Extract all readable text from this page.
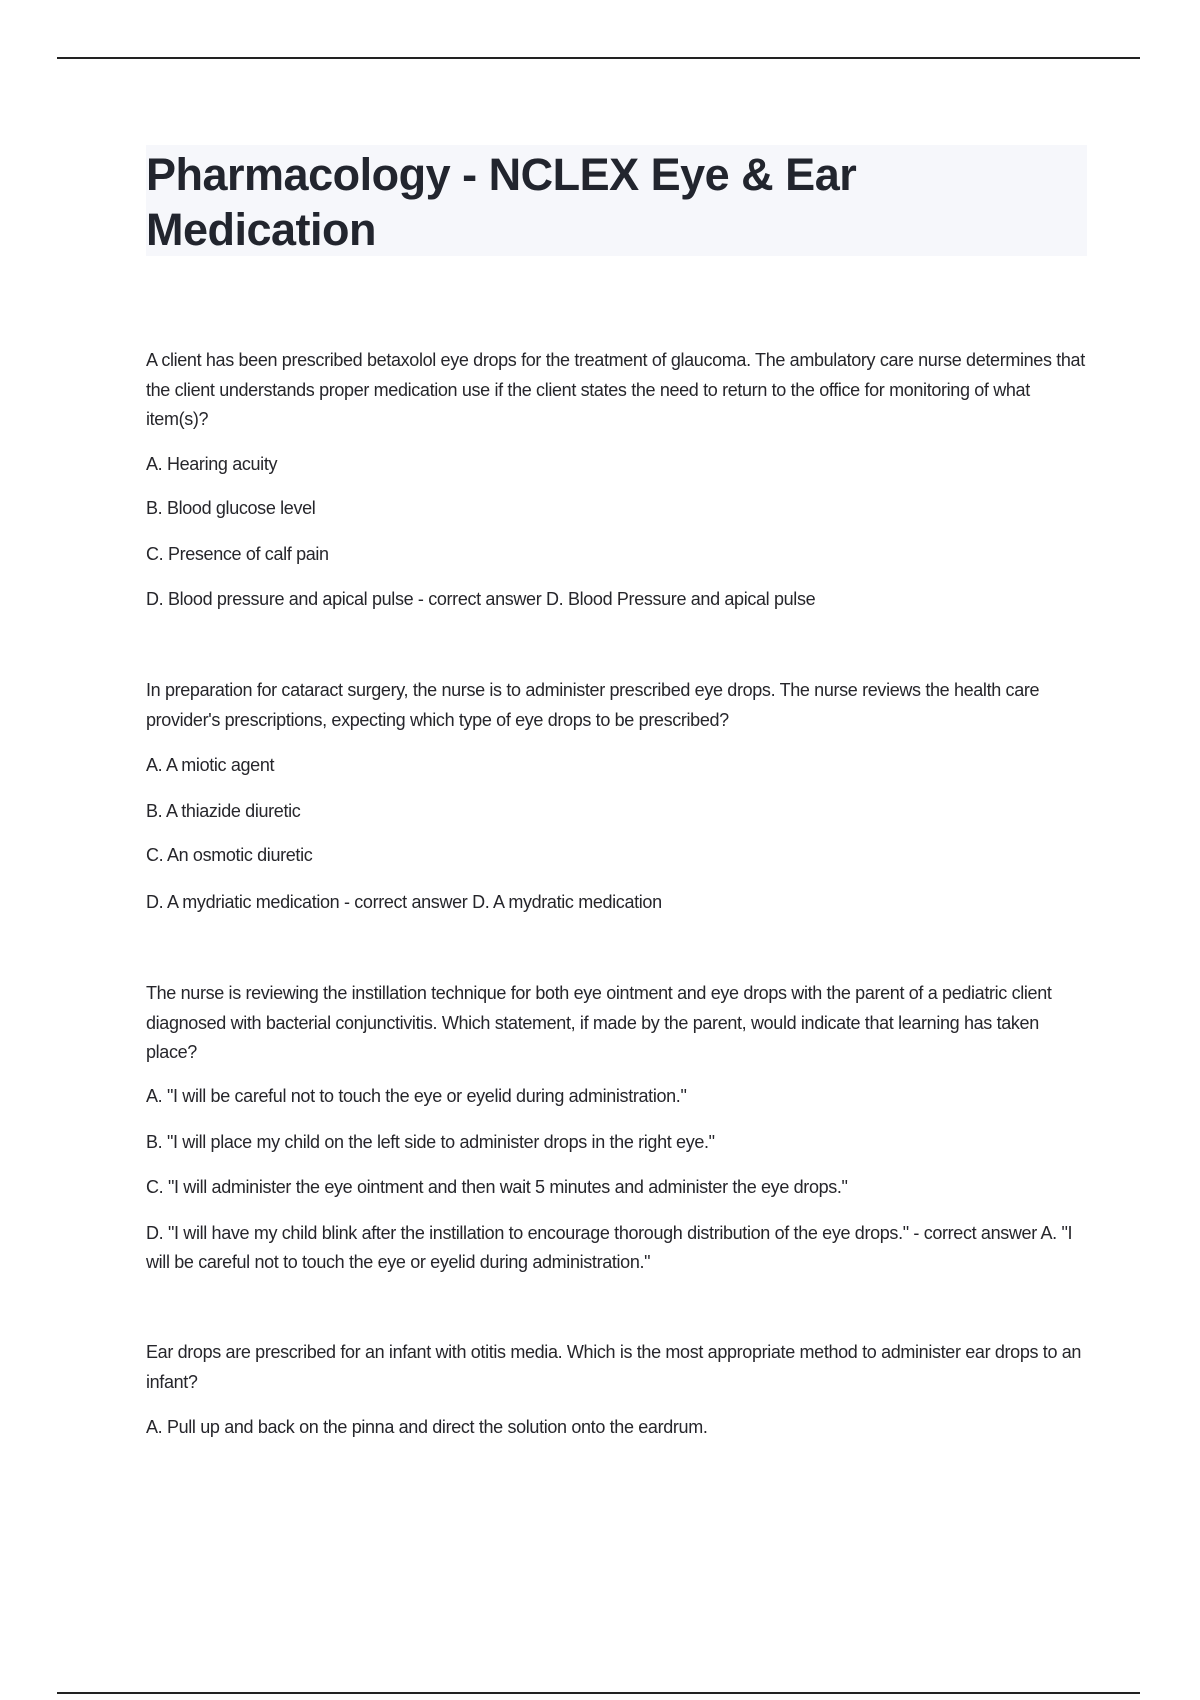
Pharmacology - NCLEX Eye & Ear Medication

A client has been prescribed betaxolol eye drops for the treatment of glaucoma. The ambulatory care nurse determines that the client understands proper medication use if the client states the need to return to the office for monitoring of what item(s)?

A. Hearing acuity

B. Blood glucose level

C. Presence of calf pain

D. Blood pressure and apical pulse - correct answer D. Blood Pressure and apical pulse

In preparation for cataract surgery, the nurse is to administer prescribed eye drops. The nurse reviews the health care provider's prescriptions, expecting which type of eye drops to be prescribed?

A. A miotic agent

B. A thiazide diuretic

C. An osmotic diuretic

D. A mydriatic medication - correct answer D. A mydratic medication

The nurse is reviewing the instillation technique for both eye ointment and eye drops with the parent of a pediatric client diagnosed with bacterial conjunctivitis. Which statement, if made by the parent, would indicate that learning has taken place?

A. "I will be careful not to touch the eye or eyelid during administration."

B. "I will place my child on the left side to administer drops in the right eye."

C. "I will administer the eye ointment and then wait 5 minutes and administer the eye drops."

D. "I will have my child blink after the instillation to encourage thorough distribution of the eye drops." - correct answer A. "I will be careful not to touch the eye or eyelid during administration."

Ear drops are prescribed for an infant with otitis media. Which is the most appropriate method to administer ear drops to an infant?

A. Pull up and back on the pinna and direct the solution onto the eardrum.
